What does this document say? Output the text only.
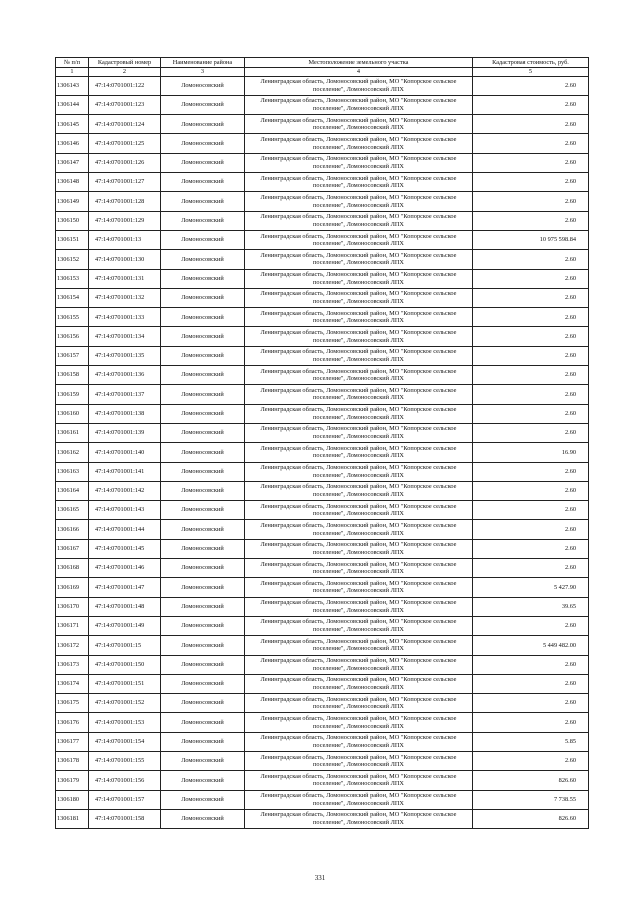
№ п/п	Кадастровый номер	Наименование района	Местоположение земельного участка	Кадастровая стоимость, руб.
1	2	3	4	5
1306143	47:14:0701001:122	Ломоносовский	Ленинградская область, Ломоносовский район, МО "Копорское сельское поселение", Ломоносовский ЛПХ	2.60
1306144	47:14:0701001:123	Ломоносовский	Ленинградская область, Ломоносовский район, МО "Копорское сельское поселение", Ломоносовский ЛПХ	2.60
1306145	47:14:0701001:124	Ломоносовский	Ленинградская область, Ломоносовский район, МО "Копорское сельское поселение", Ломоносовский ЛПХ	2.60
1306146	47:14:0701001:125	Ломоносовский	Ленинградская область, Ломоносовский район, МО "Копорское сельское поселение", Ломоносовский ЛПХ	2.60
1306147	47:14:0701001:126	Ломоносовский	Ленинградская область, Ломоносовский район, МО "Копорское сельское поселение", Ломоносовский ЛПХ	2.60
1306148	47:14:0701001:127	Ломоносовский	Ленинградская область, Ломоносовский район, МО "Копорское сельское поселение", Ломоносовский ЛПХ	2.60
1306149	47:14:0701001:128	Ломоносовский	Ленинградская область, Ломоносовский район, МО "Копорское сельское поселение", Ломоносовский ЛПХ	2.60
1306150	47:14:0701001:129	Ломоносовский	Ленинградская область, Ломоносовский район, МО "Копорское сельское поселение", Ломоносовский ЛПХ	2.60
1306151	47:14:0701001:13	Ломоносовский	Ленинградская область, Ломоносовский район, МО "Копорское сельское поселение", Ломоносовский ЛПХ	10 975 598.84
1306152	47:14:0701001:130	Ломоносовский	Ленинградская область, Ломоносовский район, МО "Копорское сельское поселение", Ломоносовский ЛПХ	2.60
1306153	47:14:0701001:131	Ломоносовский	Ленинградская область, Ломоносовский район, МО "Копорское сельское поселение", Ломоносовский ЛПХ	2.60
1306154	47:14:0701001:132	Ломоносовский	Ленинградская область, Ломоносовский район, МО "Копорское сельское поселение", Ломоносовский ЛПХ	2.60
1306155	47:14:0701001:133	Ломоносовский	Ленинградская область, Ломоносовский район, МО "Копорское сельское поселение", Ломоносовский ЛПХ	2.60
1306156	47:14:0701001:134	Ломоносовский	Ленинградская область, Ломоносовский район, МО "Копорское сельское поселение", Ломоносовский ЛПХ	2.60
1306157	47:14:0701001:135	Ломоносовский	Ленинградская область, Ломоносовский район, МО "Копорское сельское поселение", Ломоносовский ЛПХ	2.60
1306158	47:14:0701001:136	Ломоносовский	Ленинградская область, Ломоносовский район, МО "Копорское сельское поселение", Ломоносовский ЛПХ	2.60
1306159	47:14:0701001:137	Ломоносовский	Ленинградская область, Ломоносовский район, МО "Копорское сельское поселение", Ломоносовский ЛПХ	2.60
1306160	47:14:0701001:138	Ломоносовский	Ленинградская область, Ломоносовский район, МО "Копорское сельское поселение", Ломоносовский ЛПХ	2.60
1306161	47:14:0701001:139	Ломоносовский	Ленинградская область, Ломоносовский район, МО "Копорское сельское поселение", Ломоносовский ЛПХ	2.60
1306162	47:14:0701001:140	Ломоносовский	Ленинградская область, Ломоносовский район, МО "Копорское сельское поселение", Ломоносовский ЛПХ	16.90
1306163	47:14:0701001:141	Ломоносовский	Ленинградская область, Ломоносовский район, МО "Копорское сельское поселение", Ломоносовский ЛПХ	2.60
1306164	47:14:0701001:142	Ломоносовский	Ленинградская область, Ломоносовский район, МО "Копорское сельское поселение", Ломоносовский ЛПХ	2.60
1306165	47:14:0701001:143	Ломоносовский	Ленинградская область, Ломоносовский район, МО "Копорское сельское поселение", Ломоносовский ЛПХ	2.60
1306166	47:14:0701001:144	Ломоносовский	Ленинградская область, Ломоносовский район, МО "Копорское сельское поселение", Ломоносовский ЛПХ	2.60
1306167	47:14:0701001:145	Ломоносовский	Ленинградская область, Ломоносовский район, МО "Копорское сельское поселение", Ломоносовский ЛПХ	2.60
1306168	47:14:0701001:146	Ломоносовский	Ленинградская область, Ломоносовский район, МО "Копорское сельское поселение", Ломоносовский ЛПХ	2.60
1306169	47:14:0701001:147	Ломоносовский	Ленинградская область, Ломоносовский район, МО "Копорское сельское поселение", Ломоносовский ЛПХ	5 427.90
1306170	47:14:0701001:148	Ломоносовский	Ленинградская область, Ломоносовский район, МО "Копорское сельское поселение", Ломоносовский ЛПХ	39.65
1306171	47:14:0701001:149	Ломоносовский	Ленинградская область, Ломоносовский район, МО "Копорское сельское поселение", Ломоносовский ЛПХ	2.60
1306172	47:14:0701001:15	Ломоносовский	Ленинградская область, Ломоносовский район, МО "Копорское сельское поселение", Ломоносовский ЛПХ	5 449 482.00
1306173	47:14:0701001:150	Ломоносовский	Ленинградская область, Ломоносовский район, МО "Копорское сельское поселение", Ломоносовский ЛПХ	2.60
1306174	47:14:0701001:151	Ломоносовский	Ленинградская область, Ломоносовский район, МО "Копорское сельское поселение", Ломоносовский ЛПХ	2.60
1306175	47:14:0701001:152	Ломоносовский	Ленинградская область, Ломоносовский район, МО "Копорское сельское поселение", Ломоносовский ЛПХ	2.60
1306176	47:14:0701001:153	Ломоносовский	Ленинградская область, Ломоносовский район, МО "Копорское сельское поселение", Ломоносовский ЛПХ	2.60
1306177	47:14:0701001:154	Ломоносовский	Ленинградская область, Ломоносовский район, МО "Копорское сельское поселение", Ломоносовский ЛПХ	5.85
1306178	47:14:0701001:155	Ломоносовский	Ленинградская область, Ломоносовский район, МО "Копорское сельское поселение", Ломоносовский ЛПХ	2.60
1306179	47:14:0701001:156	Ломоносовский	Ленинградская область, Ломоносовский район, МО "Копорское сельское поселение", Ломоносовский ЛПХ	826.60
1306180	47:14:0701001:157	Ломоносовский	Ленинградская область, Ломоносовский район, МО "Копорское сельское поселение", Ломоносовский ЛПХ	7 738.55
1306181	47:14:0701001:158	Ломоносовский	Ленинградская область, Ломоносовский район, МО "Копорское сельское поселение", Ломоносовский ЛПХ	826.60
331
